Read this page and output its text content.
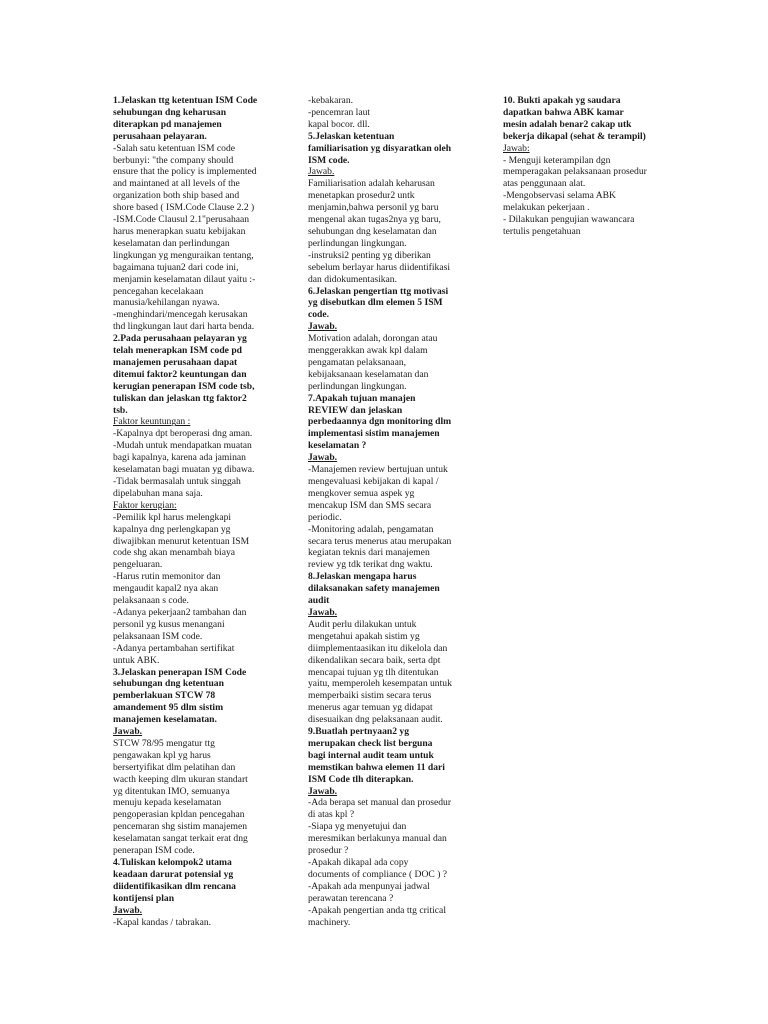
1.Jelaskan ttg ketentuan ISM Code
sehubungan dng keharusan
diterapkan pd manajemen
perusahaan pelayaran.
-Salah satu ketentuan ISM code
berbunyi: "the company should
ensure that the policy is implemented
and maintaned at all levels of the
organization both ship based and
shore based ( ISM.Code Clause 2.2 )
-ISM.Code Clausul 2.1"perusahaan
harus menerapkan suatu kebijakan
keselamatan dan perlindungan
lingkungan yg menguraikan tentang,
bagaimana tujuan2 dari code ini,
menjamin keselamatan dilaut yaitu :-
pencegahan kecelakaan
manusia/kehilangan nyawa.
-menghindari/mencegah kerusakan
thd lingkungan laut dari harta benda.
2.Pada perusahaan pelayaran yg
telah menerapkan ISM code pd
manajemen perusahaan dapat
ditemui faktor2 keuntungan dan
kerugian penerapan ISM code tsb,
tuliskan dan jelaskan ttg faktor2
tsb.
Faktor keuntungan :
-Kapalnya dpt beroperasi dng aman.
-Mudah untuk mendapatkan muatan
bagi kapalnya, karena ada jaminan
keselamatan bagi muatan yg dibawa.
-Tidak bermasalah untuk singgah
dipelabuhan mana saja.
Faktor kerugian:
-Pemilik kpl harus melengkapi
kapalnya dng perlengkapan yg
diwajibkan menurut ketentuan ISM
code shg akan menambah biaya
pengeluaran.
-Harus rutin memonitor dan
mengaudit kapal2 nya akan
pelaksanaan s code.
-Adanya pekerjaan2 tambahan dan
personil yg kusus menangani
pelaksanaan ISM code.
-Adanya pertambahan sertifikat
untuk ABK.
3.Jelaskan penerapan ISM Code
sehubungan dng ketentuan
pemberlakuan STCW 78
amandement 95 dlm sistim
manajemen keselamatan.
Jawab.
STCW 78/95 mengatur ttg
pengawakan kpl yg harus
bersertyifikat dlm pelatihan dan
wacth keeping dlm ukuran standart
yg ditentukan IMO, semuanya
menuju kepada keselamatan
pengoperasian kpldan pencegahan
pencemaran shg sistim manajemen
keselamatan sangat terkait erat dng
penerapan ISM code.
4.Tuliskan kelompok2 utama
keadaan darurat potensial yg
diidentifikasikan dlm rencana
kontijensi plan
Jawab.
-Kapal kandas / tabrakan.
-kebakaran.
-pencemran laut
kapal bocor. dll.
5.Jelaskan ketentuan
familiarisation yg disyaratkan oleh
ISM code.
Jawab.
Familiarisation adalah keharusan
menetapkan prosedur2 untk
menjamin,bahwa personil yg baru
mengenal akan tugas2nya yg baru,
sehubungan dng keselamatan dan
perlindungan lingkungan.
-instruksi2 penting yg diberikan
sebelum berlayar harus diidentifikasi
dan didokumentasikan.
6.Jelaskan pengertian ttg motivasi
yg disebutkan dlm elemen 5 ISM
code.
Jawab.
Motivation adalah, dorongan atau
menggerakkan awak kpl dalam
pengamatan pelaksanaan,
kebijaksanaan keselamatan dan
perlindungan lingkungan.
7.Apakah tujuan manajen
REVIEW dan jelaskan
perbedaannya dgn monitoring dlm
implementasi sistim manajemen
keselamatan ?
Jawab.
-Manajemen review bertujuan untuk
mengevaluasi kebijakan di kapal /
mengkover semua aspek yg
mencakup ISM dan SMS secara
periodic.
-Monitoring adalah, pengamatan
secara terus menerus atau merupakan
kegiatan teknis dari manajemen
review yg tdk terikat dng waktu.
8.Jelaskan mengapa harus
dilaksanakan safety manajemen
audit
Jawab.
Audit perlu dilakukan untuk
mengetahui apakah sistim yg
diimplementaasikan itu dikelola dan
dikendalikan secara baik, serta dpt
mencapai tujuan yg tlh ditentukan
yaitu, memperoleh kesempatan untuk
memperbaiki sistim secara terus
menerus agar temuan yg didapat
disesuaikan dng pelaksanaan audit.
9.Buatlah pertnyaan2 yg
merupakan check list berguna
bagi internal audit team untuk
memstikan bahwa elemen 11 dari
ISM Code tlh diterapkan.
Jawab.
-Ada berapa set manual dan prosedur
di atas kpl ?
-Siapa yg menyetujui dan
meresmikan berlakunya manual dan
prosedur ?
-Apakah dikapal ada copy
documents of compliance ( DOC ) ?
-Apakah ada menpunyai jadwal
perawatan terencana ?
-Apakah pengertian anda ttg critical
machinery.
10. Bukti apakah yg saudara
dapatkan bahwa ABK kamar
mesin adalah benar2 cakap utk
bekerja dikapal (sehat & terampil)
Jawab:
- Menguji keterampilan dgn
memperagakan pelaksanaan prosedur
atas penggunaan alat.
-Mengobservasi selama ABK
melakukan pekerjaan .
- Dilakukan pengujian wawancara
tertulis pengetahuan
